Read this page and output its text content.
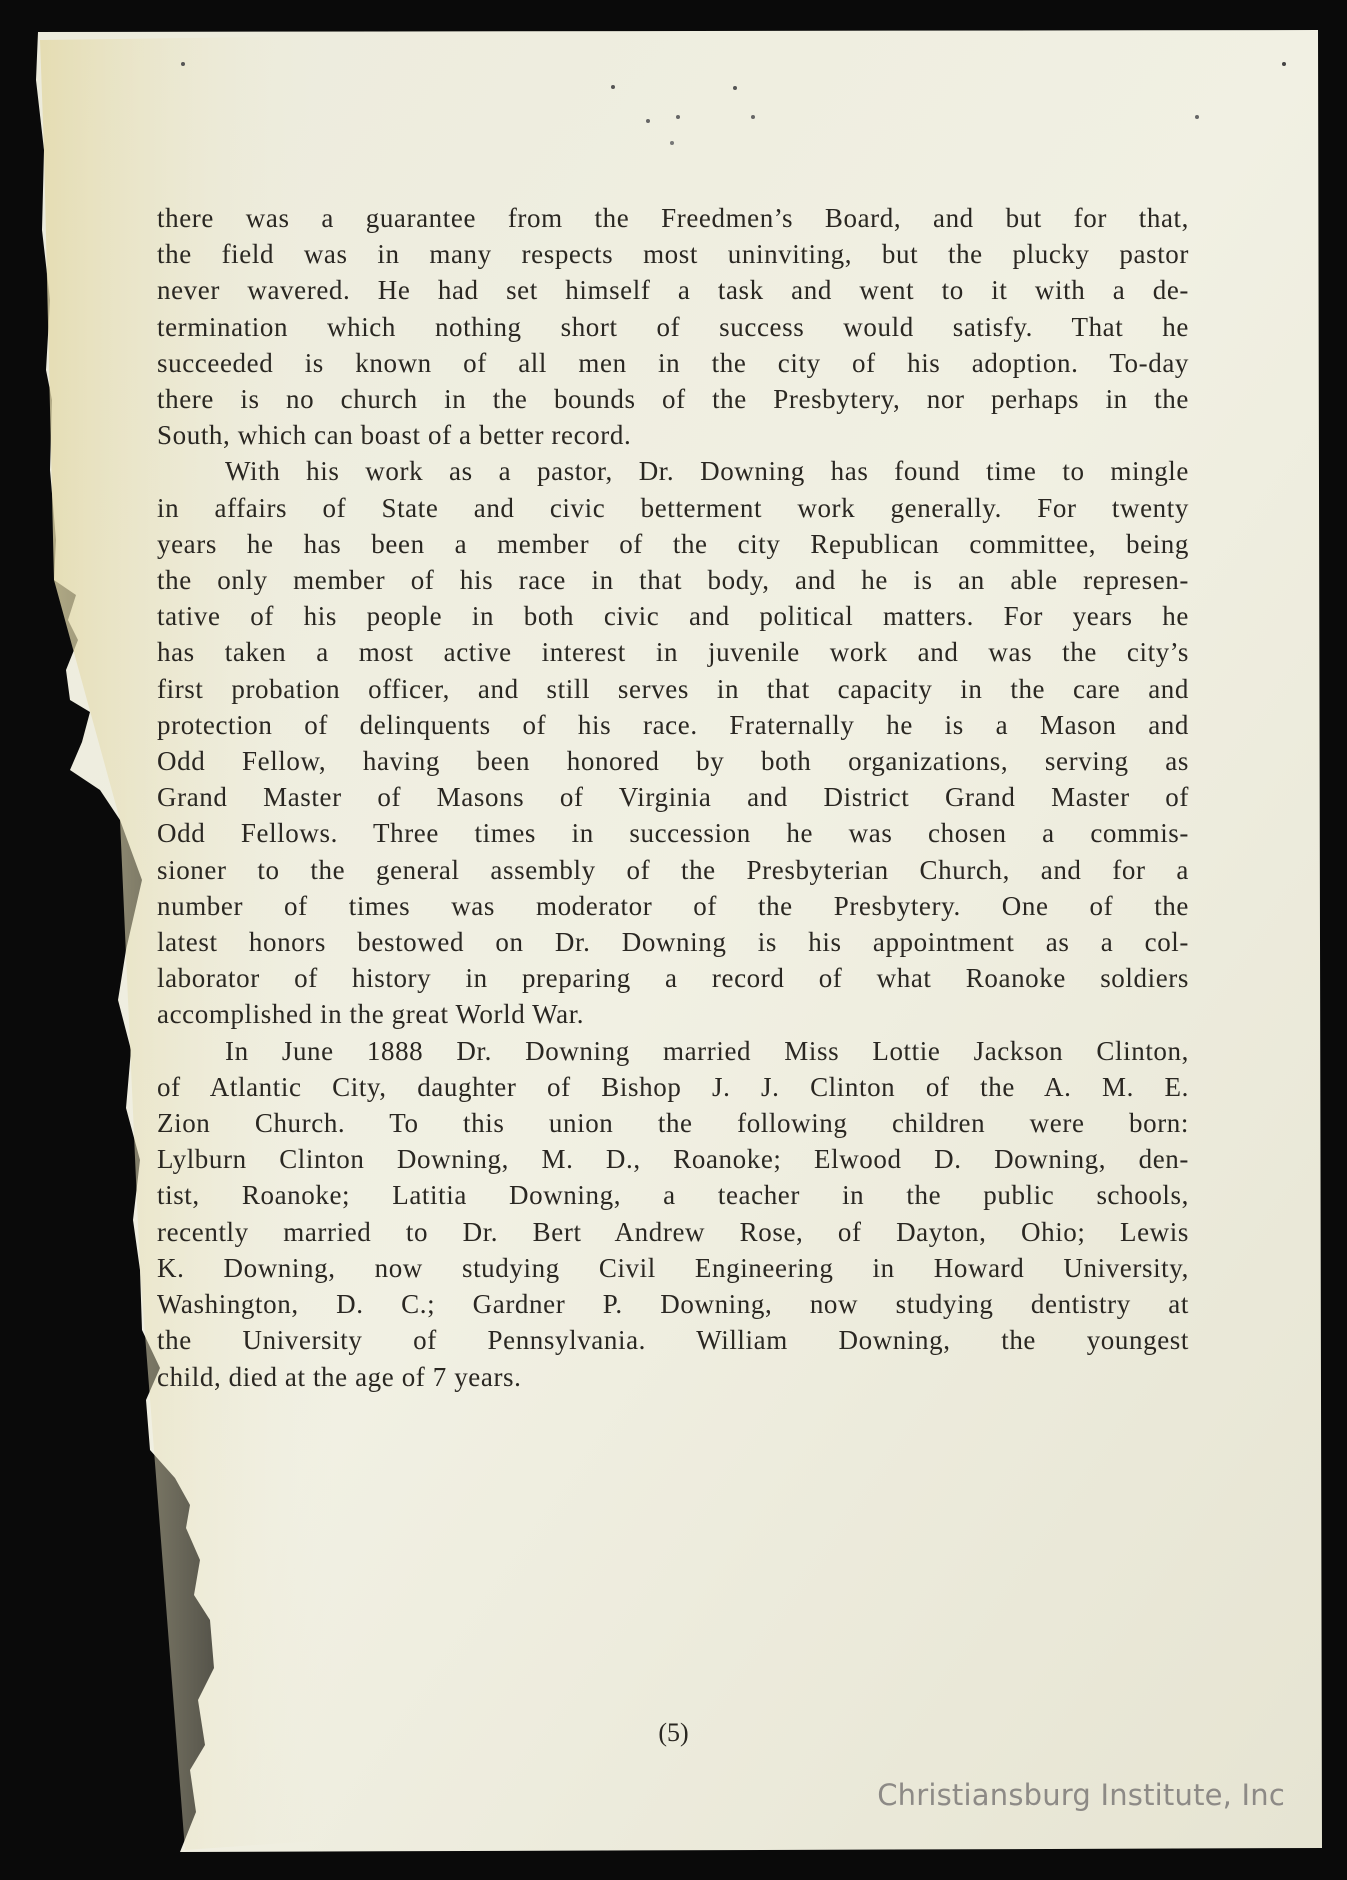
there was a guarantee from the Freedmen’s Board, and but for that,
the field was in many respects most uninviting, but the plucky pastor
never wavered. He had set himself a task and went to it with a de-
termination which nothing short of success would satisfy. That he
succeeded is known of all men in the city of his adoption. To-day
there is no church in the bounds of the Presbytery, nor perhaps in the
South, which can boast of a better record.
With his work as a pastor, Dr. Downing has found time to mingle
in affairs of State and civic betterment work generally. For twenty
years he has been a member of the city Republican committee, being
the only member of his race in that body, and he is an able represen-
tative of his people in both civic and political matters. For years he
has taken a most active interest in juvenile work and was the city’s
first probation officer, and still serves in that capacity in the care and
protection of delinquents of his race. Fraternally he is a Mason and
Odd Fellow, having been honored by both organizations, serving as
Grand Master of Masons of Virginia and District Grand Master of
Odd Fellows. Three times in succession he was chosen a commis-
sioner to the general assembly of the Presbyterian Church, and for a
number of times was moderator of the Presbytery. One of the
latest honors bestowed on Dr. Downing is his appointment as a col-
laborator of history in preparing a record of what Roanoke soldiers
accomplished in the great World War.
In June 1888 Dr. Downing married Miss Lottie Jackson Clinton,
of Atlantic City, daughter of Bishop J. J. Clinton of the A. M. E.
Zion Church. To this union the following children were born:
Lylburn Clinton Downing, M. D., Roanoke; Elwood D. Downing, den-
tist, Roanoke; Latitia Downing, a teacher in the public schools,
recently married to Dr. Bert Andrew Rose, of Dayton, Ohio; Lewis
K. Downing, now studying Civil Engineering in Howard University,
Washington, D. C.; Gardner P. Downing, now studying dentistry at
the University of Pennsylvania. William Downing, the youngest
child, died at the age of 7 years.
(5)
Christiansburg Institute, Inc
